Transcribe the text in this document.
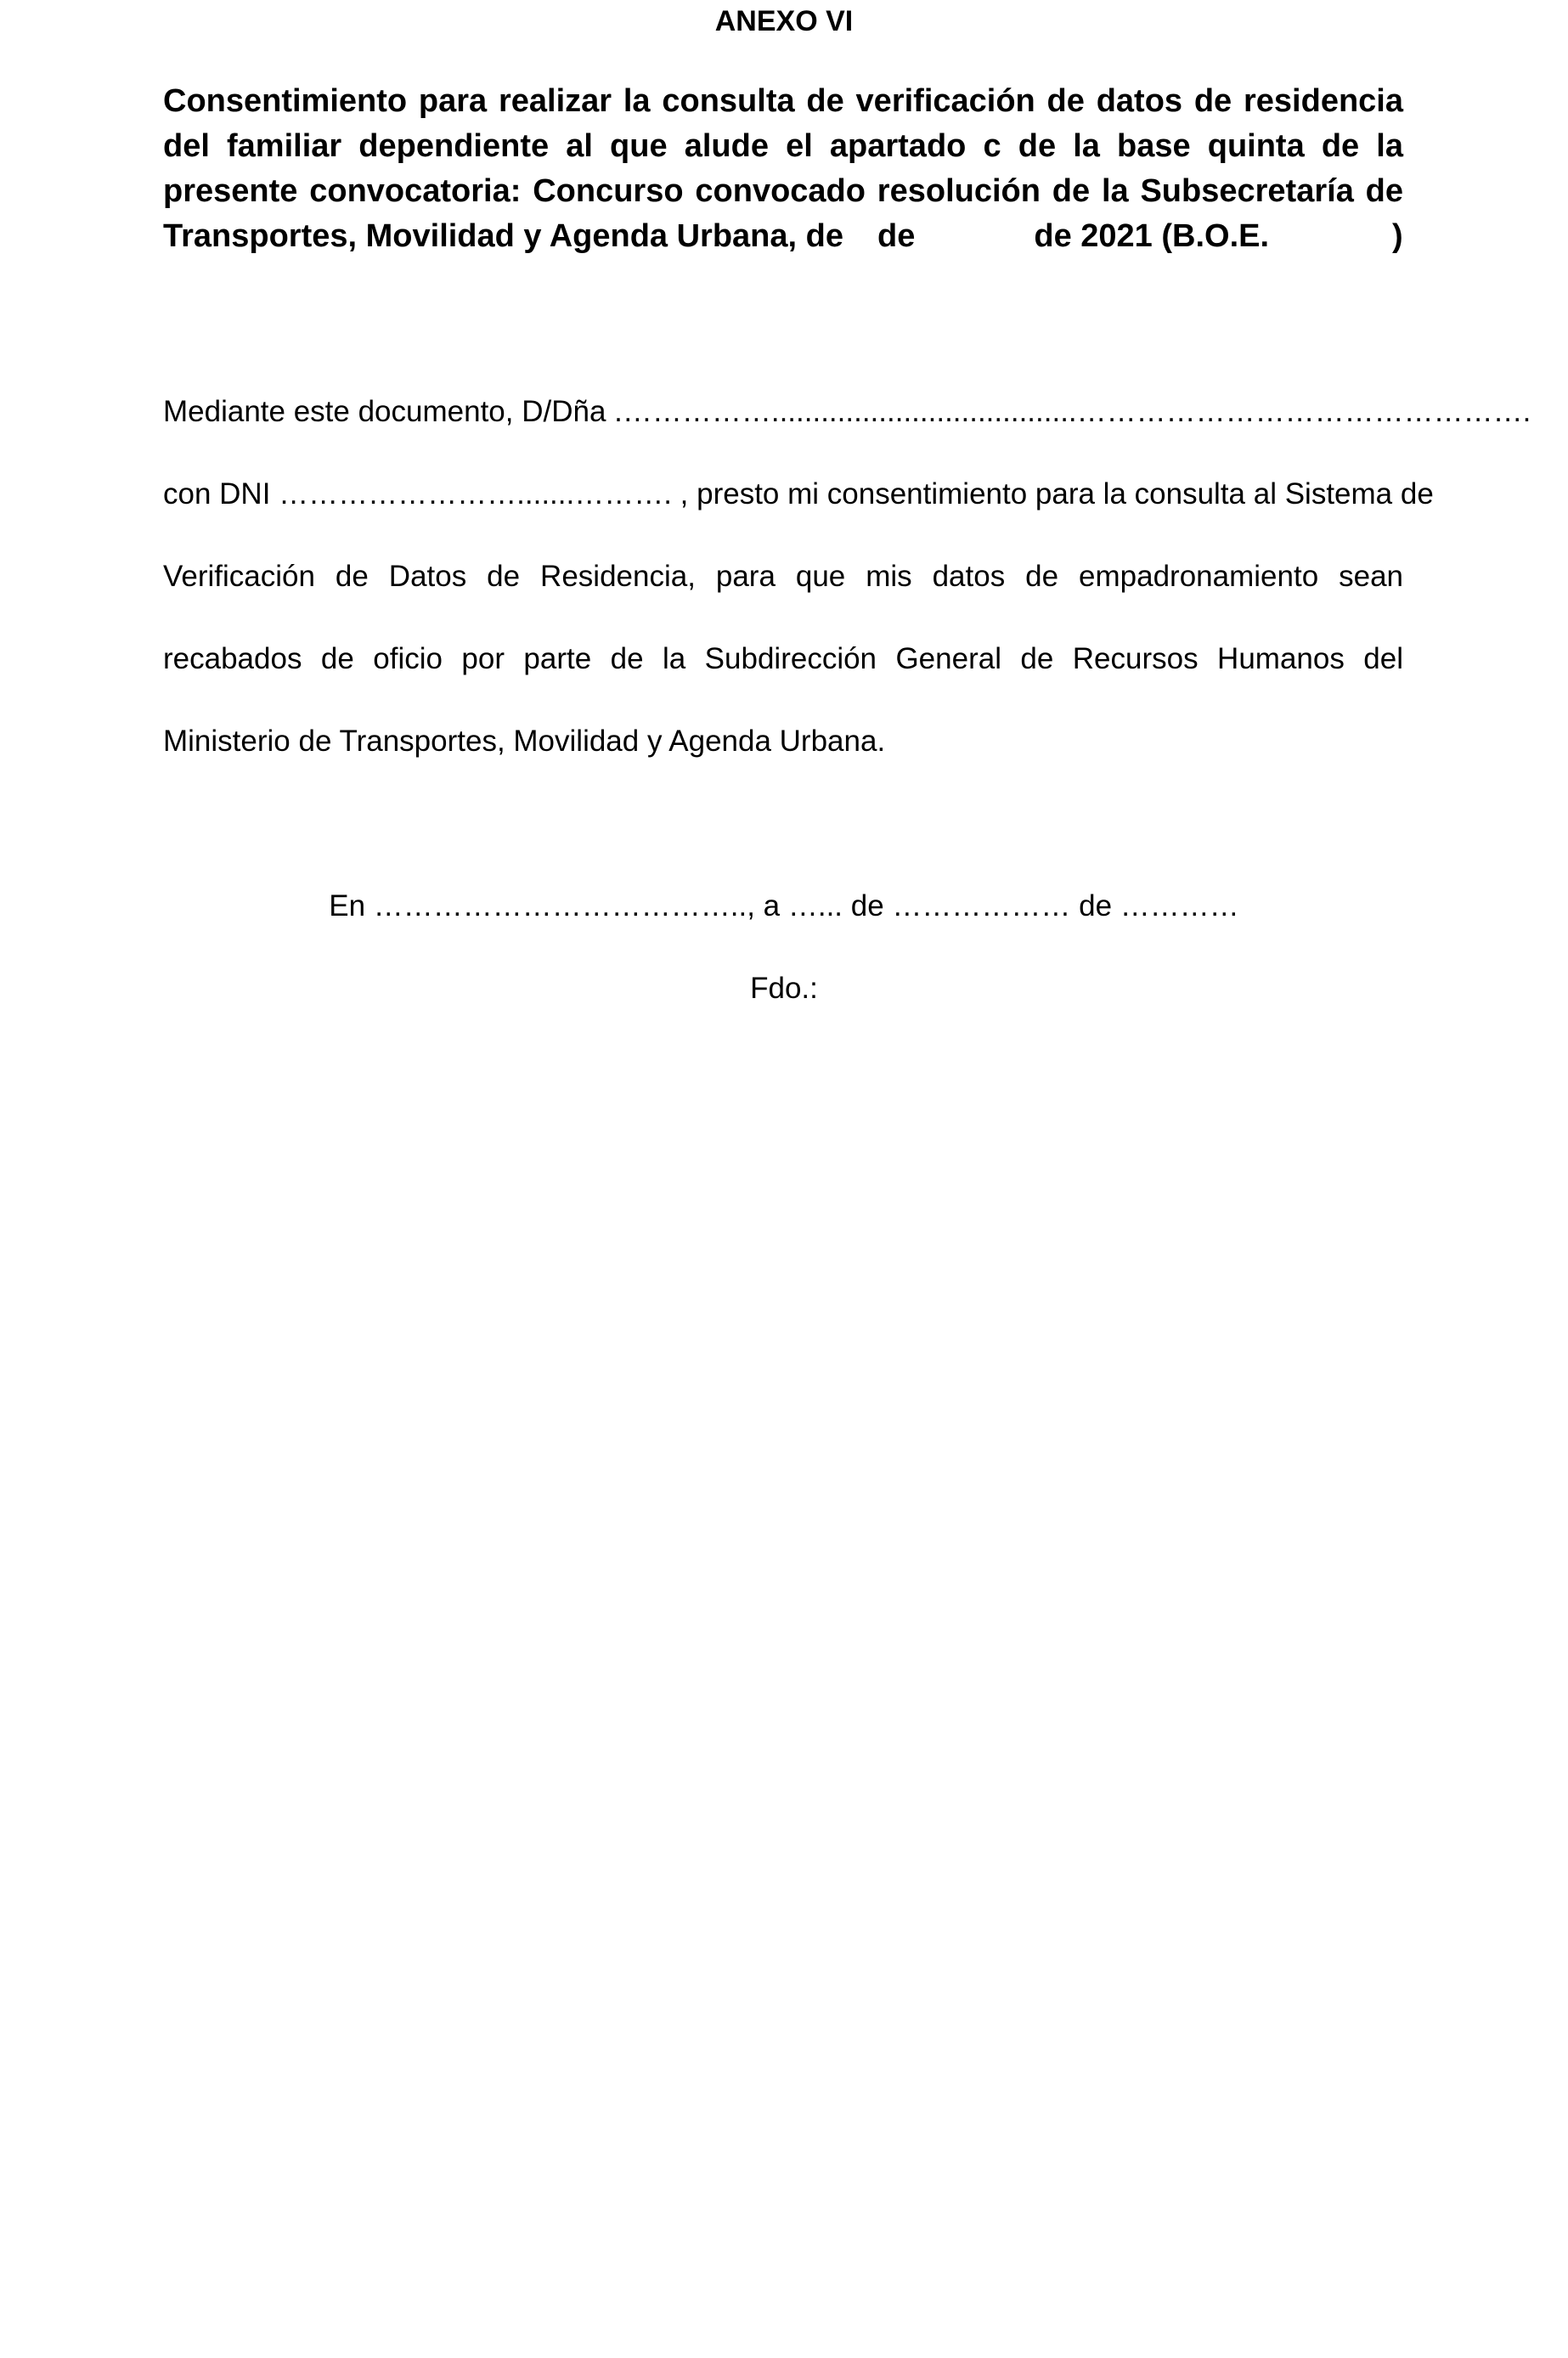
ANEXO VI
Consentimiento para realizar la consulta de verificación de datos de residencia
del familiar dependiente al que alude el apartado c de la base quinta de la
presente convocatoria: Concurso convocado resolución de la Subsecretaría de
Transportes, Movilidad y Agenda Urbana, de de	de 2021 (B.O.E.	)
Mediante este documento, D/Dña .…………….....................................……………………………………….
con DNI …………………….......………. , presto mi consentimiento para la consulta al Sistema de
Verificación de Datos de Residencia, para que mis datos de empadronamiento sean
recabados de oficio por parte de la Subdirección General de Recursos Humanos del
Ministerio de Transportes, Movilidad y Agenda Urbana.
En ……………………………….., a …... de ……………… de …………
Fdo.:
